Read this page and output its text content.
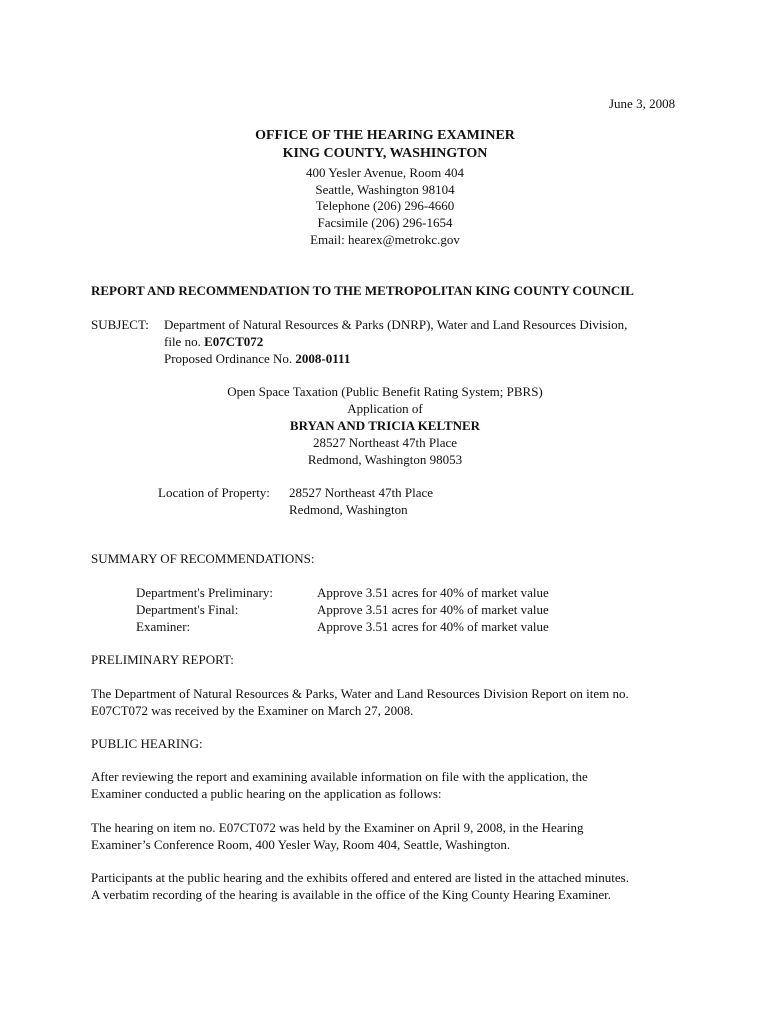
June 3, 2008
OFFICE OF THE HEARING EXAMINER
KING COUNTY, WASHINGTON
400 Yesler Avenue, Room 404
Seattle, Washington 98104
Telephone (206) 296-4660
Facsimile (206) 296-1654
Email: hearex@metrokc.gov
REPORT AND RECOMMENDATION TO THE METROPOLITAN KING COUNTY COUNCIL
SUBJECT: Department of Natural Resources & Parks (DNRP), Water and Land Resources Division,
file no. E07CT072
Proposed Ordinance No. 2008-0111
Open Space Taxation (Public Benefit Rating System; PBRS)
Application of
BRYAN AND TRICIA KELTNER
28527 Northeast 47th Place
Redmond, Washington 98053
Location of Property: 28527 Northeast 47th Place
Redmond, Washington
SUMMARY OF RECOMMENDATIONS:
Department's Preliminary:	Approve 3.51 acres for 40% of market value
Department's Final:	Approve 3.51 acres for 40% of market value
Examiner:	Approve 3.51 acres for 40% of market value
PRELIMINARY REPORT:
The Department of Natural Resources & Parks, Water and Land Resources Division Report on item no.
E07CT072 was received by the Examiner on March 27, 2008.
PUBLIC HEARING:
After reviewing the report and examining available information on file with the application, the
Examiner conducted a public hearing on the application as follows:
The hearing on item no. E07CT072 was held by the Examiner on April 9, 2008, in the Hearing
Examiner’s Conference Room, 400 Yesler Way, Room 404, Seattle, Washington.
Participants at the public hearing and the exhibits offered and entered are listed in the attached minutes.
A verbatim recording of the hearing is available in the office of the King County Hearing Examiner.
